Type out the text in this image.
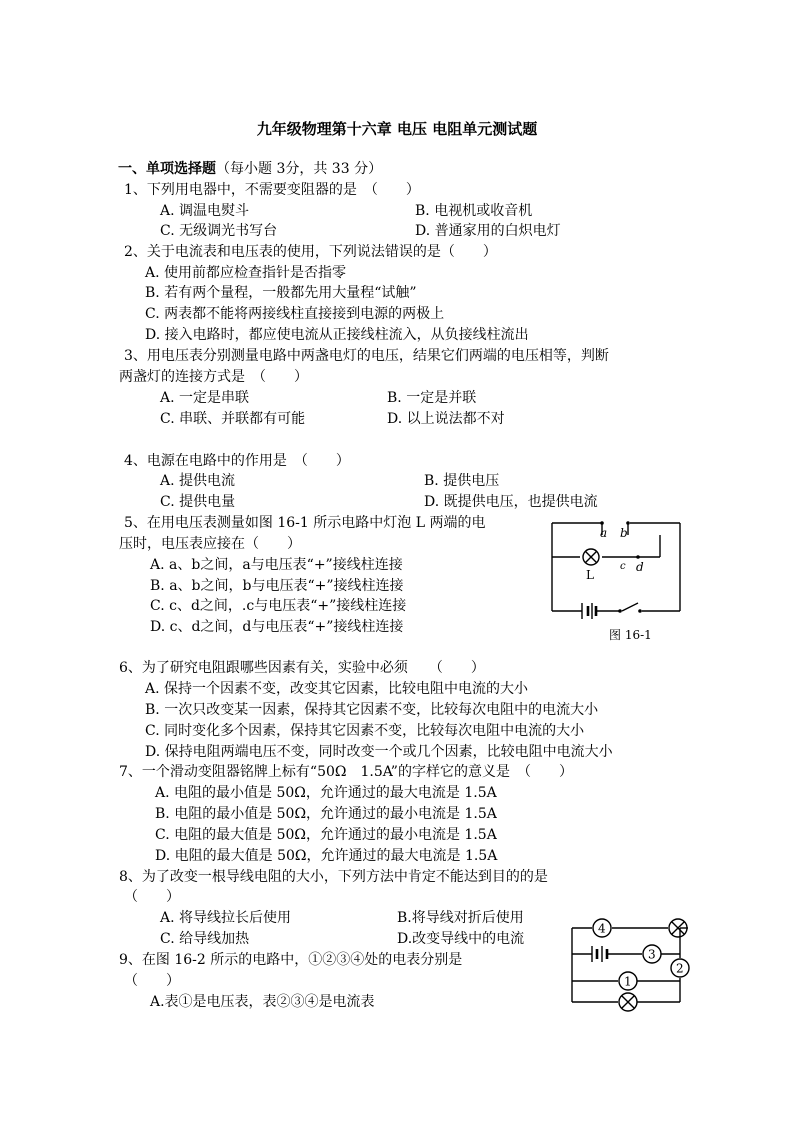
九年级物理第十六章 电压 电阻单元测试题
一、单项选择题（每小题 3分，共 33 分）
1、下列用电器中，不需要变阻器的是　（　　）
A. 调温电熨斗	B. 电视机或收音机
C. 无级调光书写台	D. 普通家用的白炽电灯
2、关于电流表和电压表的使用，下列说法错误的是（　　）
A. 使用前都应检查指针是否指零
B. 若有两个量程，一般都先用大量程“试触”
C. 两表都不能将两接线柱直接接到电源的两极上
D. 接入电路时，都应使电流从正接线柱流入，从负接线柱流出
3、用电压表分别测量电路中两盏电灯的电压，结果它们两端的电压相等，判断
两盏灯的连接方式是　（　　）
A. 一定是串联	B. 一定是并联
C. 串联、并联都有可能	D. 以上说法都不对
4、电源在电路中的作用是　（　　）
A. 提供电流	B. 提供电压
C. 提供电量	D. 既提供电压，也提供电流
5、在用电压表测量如图 16-1 所示电路中灯泡 L 两端的电
压时，电压表应接在（　　）
A. a、b之间，a与电压表“+”接线柱连接
B. a、b之间，b与电压表“+”接线柱连接
C. c、d之间，.c与电压表“+”接线柱连接
D. c、d之间，d与电压表“+”接线柱连接
a b
c d
L
图 16-1
6、为了研究电阻跟哪些因素有关，实验中必须　　（　　）
A. 保持一个因素不变，改变其它因素，比较电阻中电流的大小
B. 一次只改变某一因素，保持其它因素不变，比较每次电阻中的电流大小
C. 同时变化多个因素，保持其它因素不变，比较每次电阻中电流的大小
D. 保持电阻两端电压不变，同时改变一个或几个因素，比较电阻中电流大小
7、一个滑动变阻器铭牌上标有“50Ω　1.5A”的字样它的意义是　（　　）
A. 电阻的最小值是 50Ω，允许通过的最大电流是 1.5A
B. 电阻的最小值是 50Ω，允许通过的最小电流是 1.5A
C. 电阻的最大值是 50Ω，允许通过的最小电流是 1.5A
D. 电阻的最大值是 50Ω，允许通过的最大电流是 1.5A
8、为了改变一根导线电阻的大小，下列方法中肯定不能达到目的的是
（　　）
A. 将导线拉长后使用	B.将导线对折后使用
C. 给导线加热	D.改变导线中的电流
9、在图 16-2 所示的电路中，①②③④处的电表分别是
（　　）
A.表①是电压表，表②③④是电流表
4
3
2
1
